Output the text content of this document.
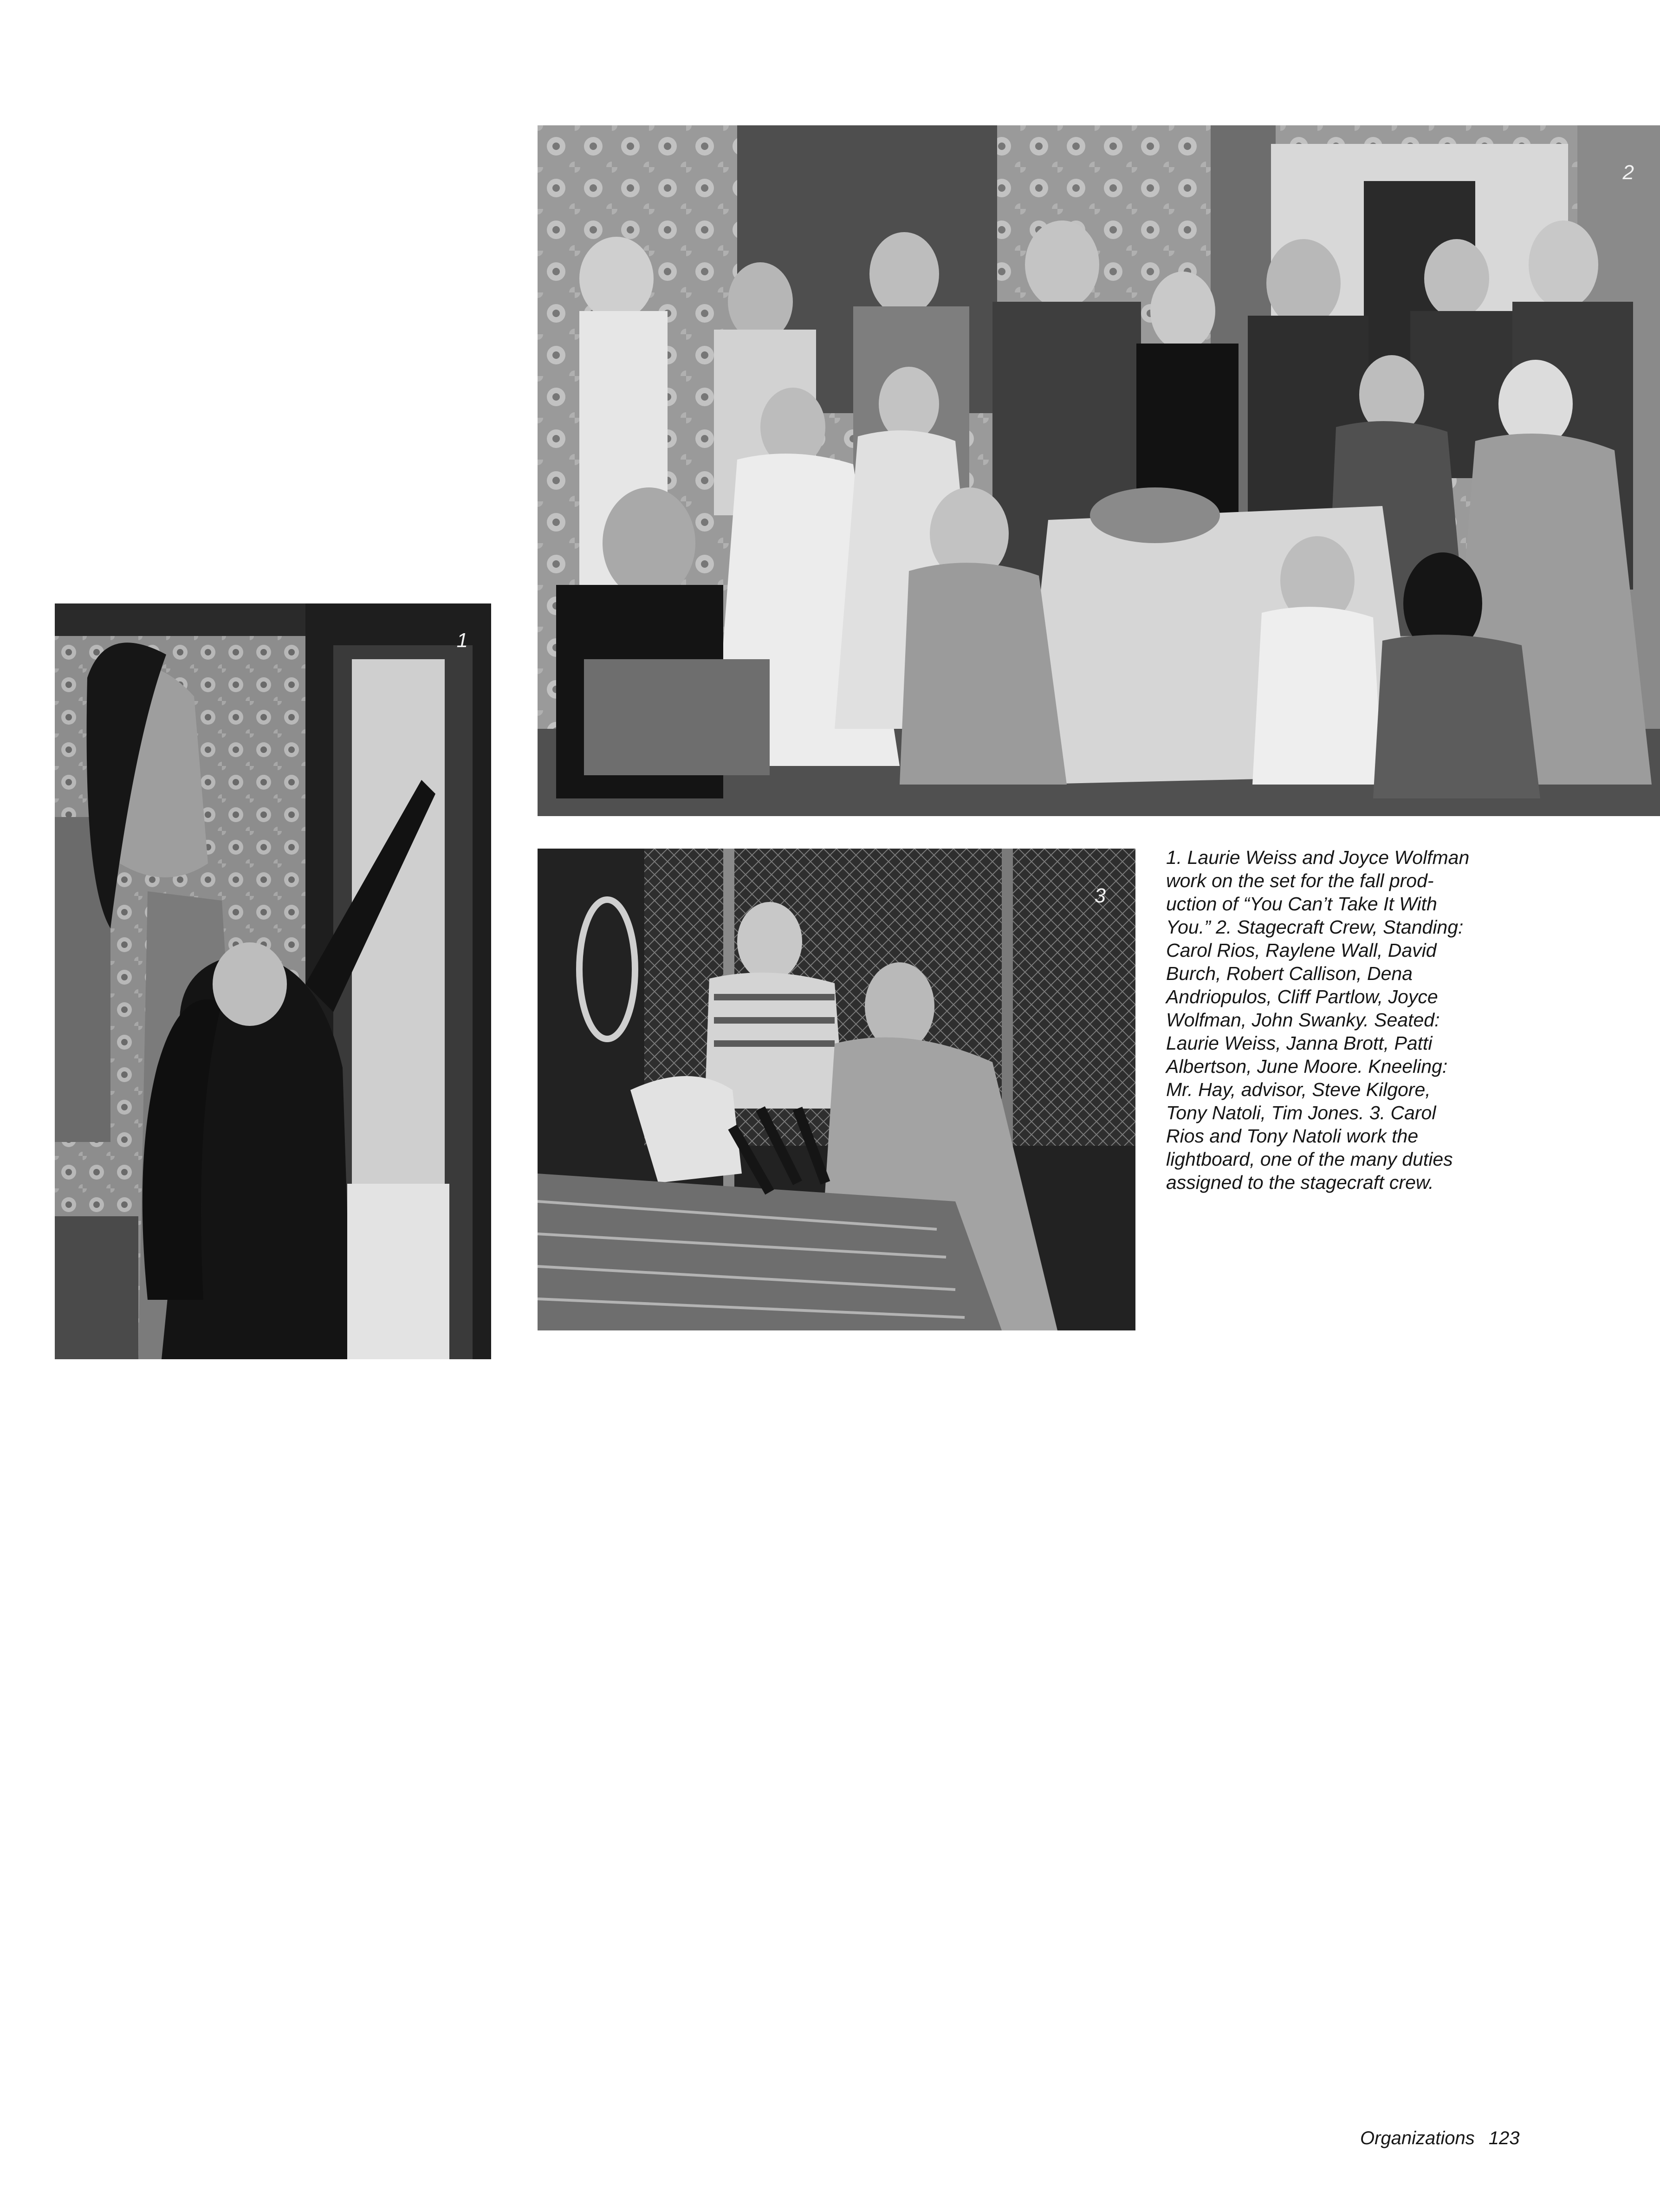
1
2
3
1. Laurie Weiss and Joyce Wolfman
work on the set for the fall prod-
uction of “You Can’t Take It With
You.” 2. Stagecraft Crew, Standing:
Carol Rios, Raylene Wall, David
Burch, Robert Callison, Dena
Andriopulos, Cliff Partlow, Joyce
Wolfman, John Swanky. Seated:
Laurie Weiss, Janna Brott, Patti
Albertson, June Moore. Kneeling:
Mr. Hay, advisor, Steve Kilgore,
Tony Natoli, Tim Jones. 3. Carol
Rios and Tony Natoli work the
lightboard, one of the many duties
assigned to the stagecraft crew.
Organizations 123
